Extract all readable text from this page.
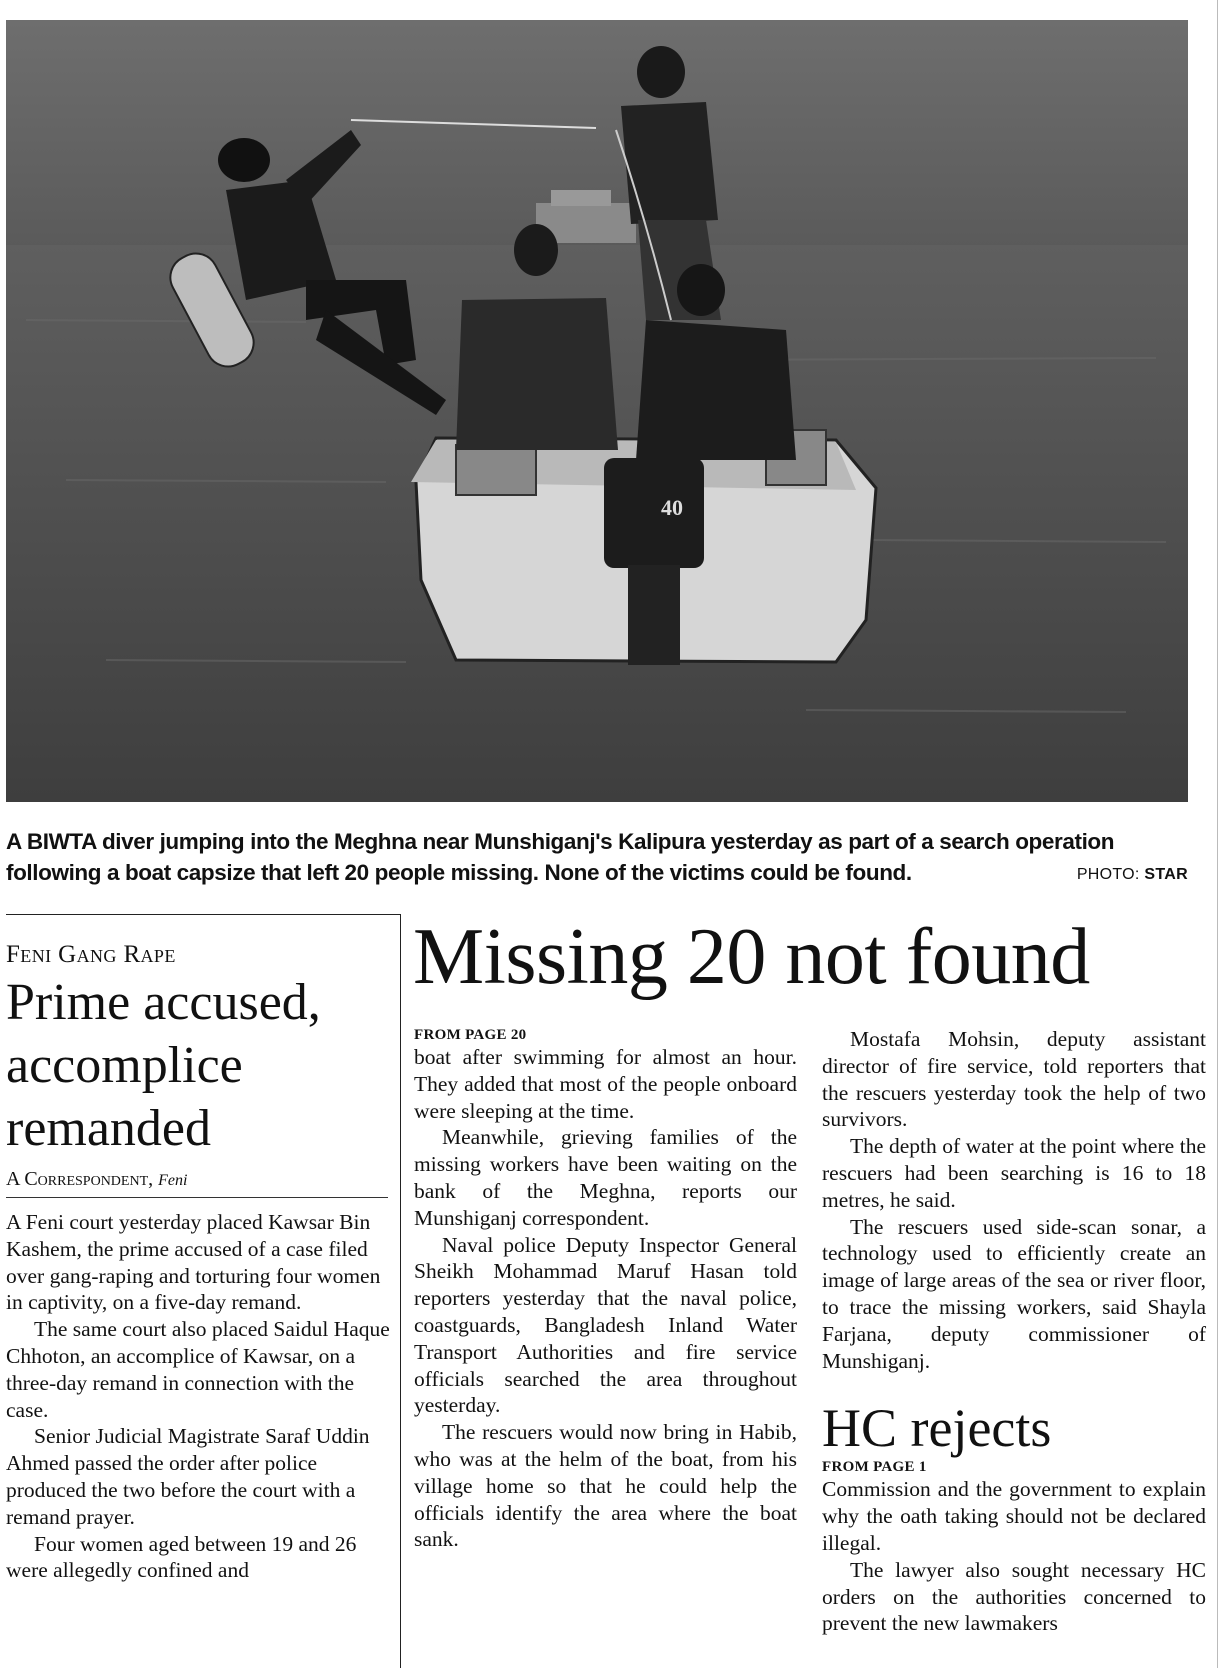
40
A BIWTA diver jumping into the Meghna near Munshiganj's Kalipura yesterday as part of a search operation following a boat capsize that left 20 people missing. None of the victims could be found.	PHOTO: STAR
Feni Gang Rape
Prime accused, accomplice remanded
A Correspondent, Feni

A Feni court yesterday placed Kawsar Bin Kashem, the prime accused of a case filed over gang-raping and torturing four women in captivity, on a five-day remand.

The same court also placed Saidul Haque Chhoton, an accomplice of Kawsar, on a three-day remand in connection with the case.

Senior Judicial Magistrate Saraf Uddin Ahmed passed the order after police produced the two before the court with a remand prayer.

Four women aged between 19 and 26 were allegedly confined and

Missing 20 not found
FROM PAGE 20

boat after swimming for almost an hour. They added that most of the people onboard were sleeping at the time.

Meanwhile, grieving families of the missing workers have been waiting on the bank of the Meghna, reports our Munshiganj correspondent.

Naval police Deputy Inspector General Sheikh Mohammad Maruf Hasan told reporters yesterday that the naval police, coastguards, Bangladesh Inland Water Transport Authorities and fire service officials searched the area throughout yesterday.

The rescuers would now bring in Habib, who was at the helm of the boat, from his village home so that he could help the officials identify the area where the boat sank.

Mostafa Mohsin, deputy assistant director of fire service, told reporters that the rescuers yesterday took the help of two survivors.

The depth of water at the point where the rescuers had been searching is 16 to 18 metres, he said.

The rescuers used side-scan sonar, a technology used to efficiently create an image of large areas of the sea or river floor, to trace the missing workers, said Shayla Farjana, deputy commissioner of Munshiganj.

HC rejects
FROM PAGE 1

Commission and the government to explain why the oath taking should not be declared illegal.

The lawyer also sought necessary HC orders on the authorities concerned to prevent the new lawmakers
